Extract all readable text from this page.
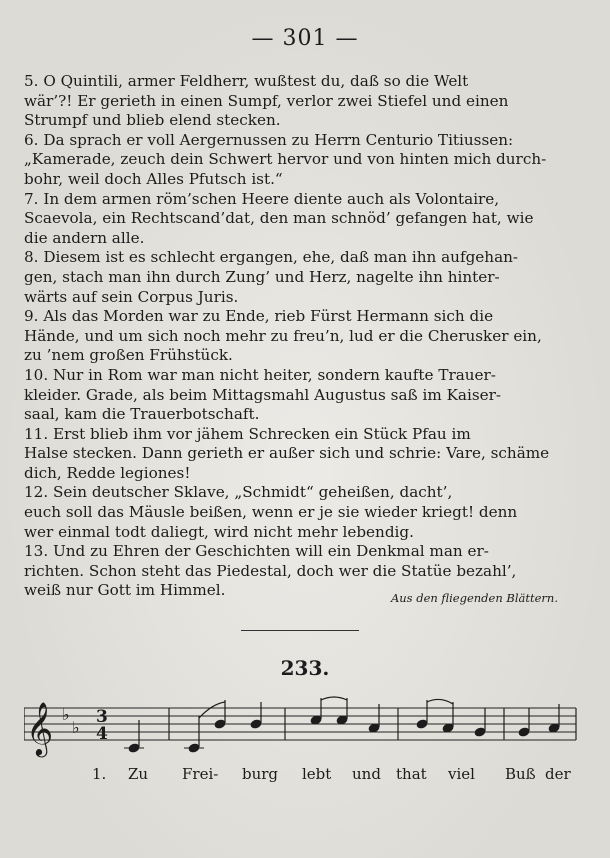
— 301 —

5. O Quintili, armer Feldherr, wußtest du, daß so die Welt
wär’?! Er gerieth in einen Sumpf, verlor zwei Stiefel und einen
Strumpf und blieb elend stecken.

6. Da sprach er voll Aergernussen zu Herrn Centurio Titiussen:
„Kamerade, zeuch dein Schwert hervor und von hinten mich durch-
bohr, weil doch Alles Pfutsch ist.“

7. In dem armen röm’schen Heere diente auch als Volontaire,
Scaevola, ein Rechtscand’dat, den man schnöd’ gefangen hat, wie
die andern alle.

8. Diesem ist es schlecht ergangen, ehe, daß man ihn aufgehan-
gen, stach man ihn durch Zung’ und Herz, nagelte ihn hinter-
wärts auf sein Corpus Juris.

9. Als das Morden war zu Ende, rieb Fürst Hermann sich die
Hände, und um sich noch mehr zu freu’n, lud er die Cherusker ein,
zu ’nem großen Frühstück.

10. Nur in Rom war man nicht heiter, sondern kaufte Trauer-
kleider. Grade, als beim Mittagsmahl Augustus saß im Kaiser-
saal, kam die Trauerbotschaft.

11. Erst blieb ihm vor jähem Schrecken ein Stück Pfau im
Halse stecken. Dann gerieth er außer sich und schrie: Vare, schäme
dich, Redde legiones!

12. Sein deutscher Sklave, „Schmidt“ geheißen, dacht’,
euch soll das Mäusle beißen, wenn er je sie wieder kriegt! denn
wer einmal todt daliegt, wird nicht mehr lebendig.

13. Und zu Ehren der Geschichten will ein Denkmal man er-
richten. Schon steht das Piedestal, doch wer die Statüe bezahl’,
weiß nur Gott im Himmel.	Aus den fliegenden Blättern.
233.
𝄞 ♭
♭
3
4
1. Zu Frei- burg lebt und that viel Buß der
